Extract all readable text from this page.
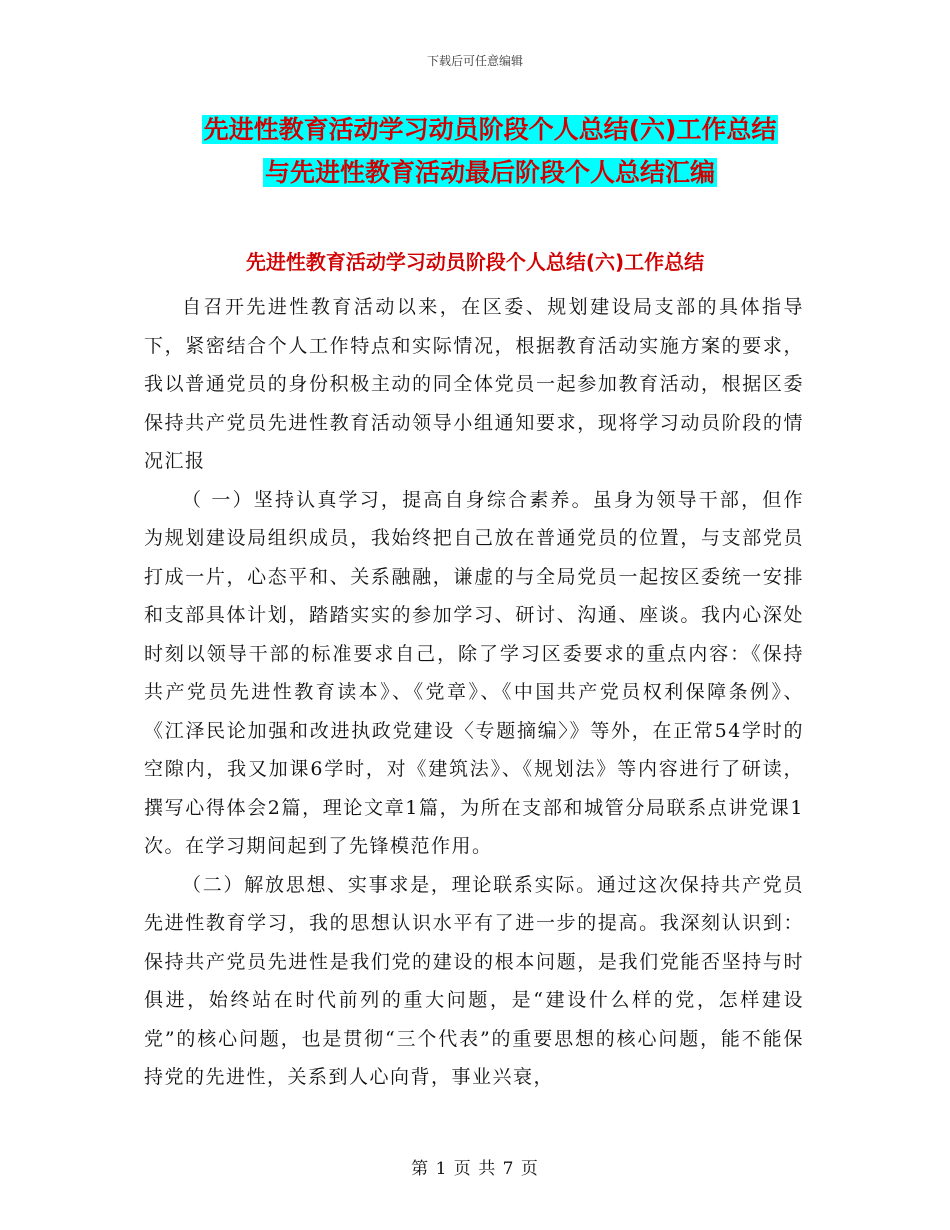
下载后可任意编辑
先进性教育活动学习动员阶段个人总结(六)工作总结
与先进性教育活动最后阶段个人总结汇编
先进性教育活动学习动员阶段个人总结(六)工作总结

自召开先进性教育活动以来，在区委、规划建设局支部的具体指导下，紧密结合个人工作特点和实际情况，根据教育活动实施方案的要求，我以普通党员的身份积极主动的同全体党员一起参加教育活动，根据区委保持共产党员先进性教育活动领导小组通知要求，现将学习动员阶段的情况汇报

（ 一）坚持认真学习，提高自身综合素养。虽身为领导干部，但作为规划建设局组织成员，我始终把自己放在普通党员的位置，与支部党员打成一片，心态平和、关系融融，谦虚的与全局党员一起按区委统一安排和支部具体计划，踏踏实实的参加学习、研讨、沟通、座谈。我内心深处时刻以领导干部的标准要求自己，除了学习区委要求的重点内容：《保持共产党员先进性教育读本》、《党章》、《中国共产党员权利保障条例》、《江泽民论加强和改进执政党建设〈专题摘编〉》等外，在正常54学时的空隙内，我又加课6学时，对《建筑法》、《规划法》等内容进行了研读，撰写心得体会2篇，理论文章1篇，为所在支部和城管分局联系点讲党课1次。在学习期间起到了先锋模范作用。

（二）解放思想、实事求是，理论联系实际。通过这次保持共产党员先进性教育学习，我的思想认识水平有了进一步的提高。我深刻认识到：保持共产党员先进性是我们党的建设的根本问题，是我们党能否坚持与时俱进，始终站在时代前列的重大问题，是“建设什么样的党，怎样建设党”的核心问题，也是贯彻“三个代表”的重要思想的核心问题，能不能保持党的先进性，关系到人心向背，事业兴衰，

第 1 页 共 7 页
